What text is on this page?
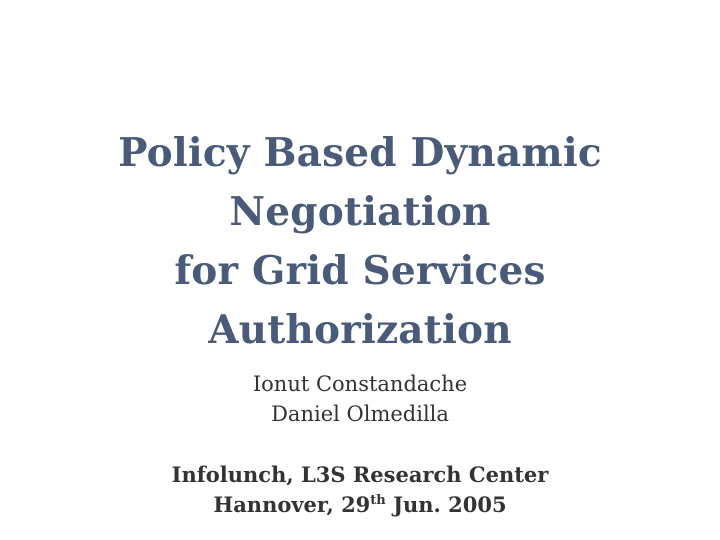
Policy Based Dynamic
Negotiation
for Grid Services
Authorization
Ionut Constandache
Daniel Olmedilla
Infolunch, L3S Research Center
Hannover, 29th Jun. 2005
